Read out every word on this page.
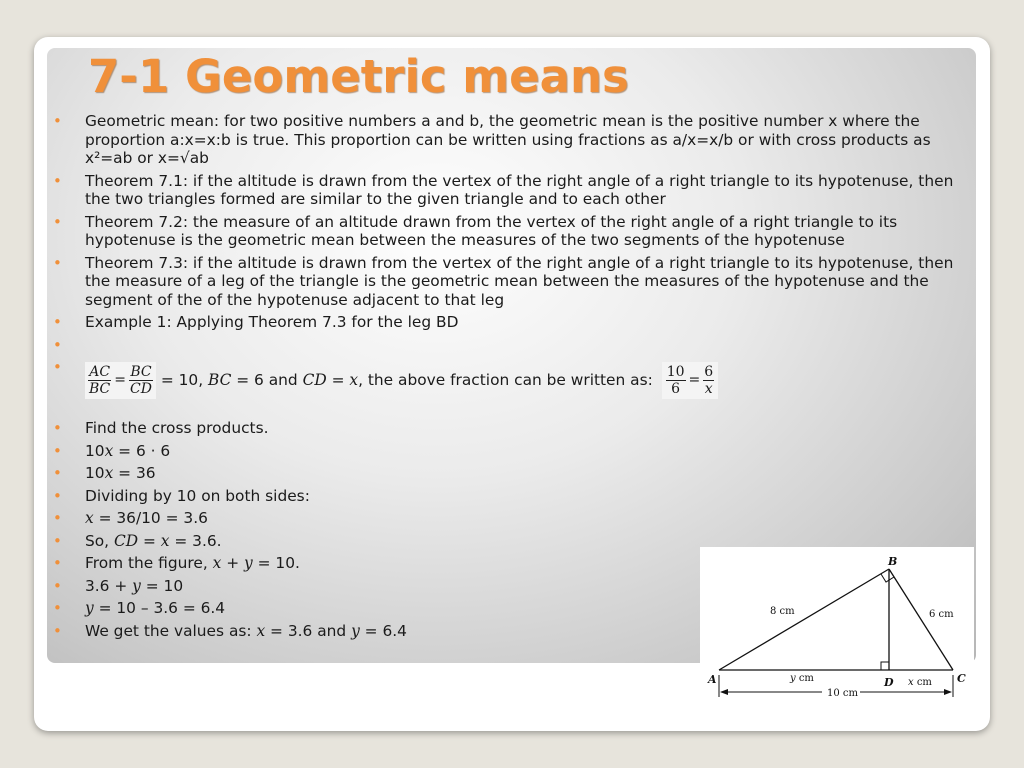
7-1 Geometric means
• Geometric mean: for two positive numbers a and b, the geometric mean is the positive number x where the proportion a:x=x:b is true. This proportion can be written using fractions as a/x=x/b or with cross products as x²=ab or x=√ab
• Theorem 7.1: if the altitude is drawn from the vertex of the right angle of a right triangle to its hypotenuse, then the two triangles formed are similar to the given triangle and to each other
• Theorem 7.2: the measure of an altitude drawn from the vertex of the right angle of a right triangle to its hypotenuse is the geometric mean between the measures of the two segments of the hypotenuse
• Theorem 7.3: if the altitude is drawn from the vertex of the right angle of a right triangle to its hypotenuse, then the measure of a leg of the triangle is the geometric mean between the measures of the hypotenuse and the segment of the of the hypotenuse adjacent to that leg
• Example 1: Applying Theorem 7.3 for the leg BD
•
• $\frac{AC}{BC} = \frac{BC}{CD} = 10$, BC = 6 and CD = x , the above fraction can be written as: $\frac{10}{6} = \frac{6}{x}$
• Find the cross products.
• 10x = 6 · 6
• 10x = 36
• Dividing by 10 on both sides:
• x = 36/10 = 3.6
• So, CD = x = 3.6.
• From the figure, x + y = 10.
• 3.6 + y = 10
• y = 10 – 3.6 = 6.4
• We get the values as: x = 3.6 and y = 6.4
B
A	C
D
8 cm	6 cm
y cm	x cm
10 cm
